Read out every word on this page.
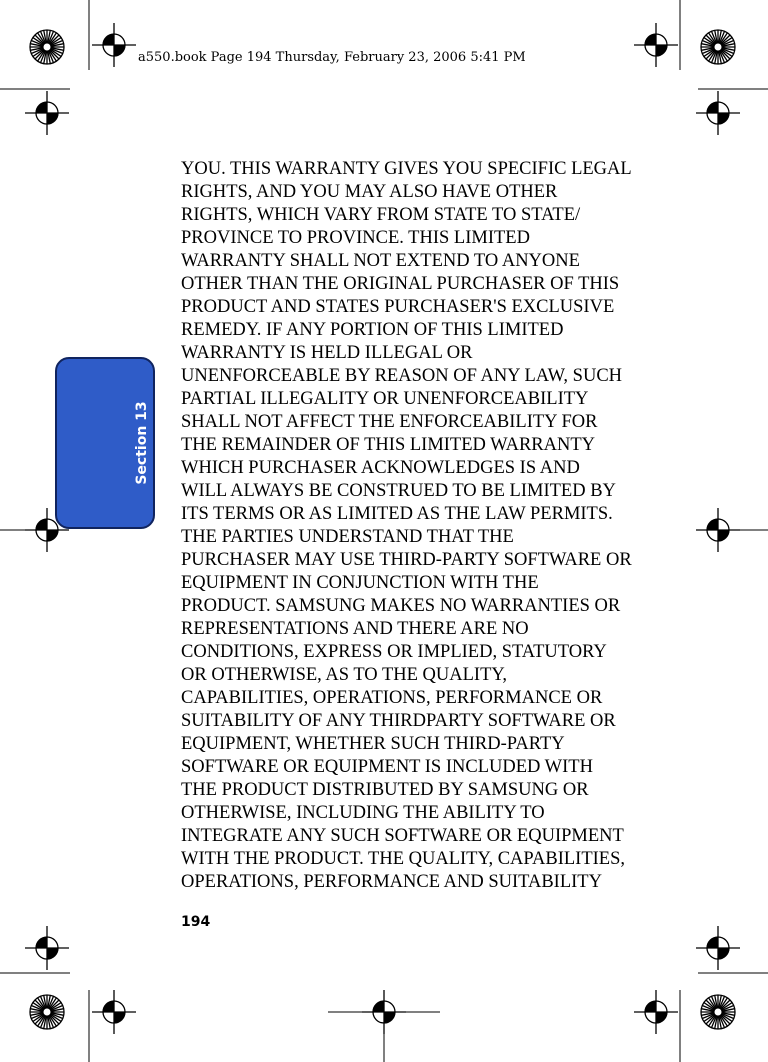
a550.book Page 194 Thursday, February 23, 2006 5:41 PM
Section 13
YOU. THIS WARRANTY GIVES YOU SPECIFIC LEGAL
RIGHTS, AND YOU MAY ALSO HAVE OTHER
RIGHTS, WHICH VARY FROM STATE TO STATE/
PROVINCE TO PROVINCE. THIS LIMITED
WARRANTY SHALL NOT EXTEND TO ANYONE
OTHER THAN THE ORIGINAL PURCHASER OF THIS
PRODUCT AND STATES PURCHASER'S EXCLUSIVE
REMEDY. IF ANY PORTION OF THIS LIMITED
WARRANTY IS HELD ILLEGAL OR
UNENFORCEABLE BY REASON OF ANY LAW, SUCH
PARTIAL ILLEGALITY OR UNENFORCEABILITY
SHALL NOT AFFECT THE ENFORCEABILITY FOR
THE REMAINDER OF THIS LIMITED WARRANTY
WHICH PURCHASER ACKNOWLEDGES IS AND
WILL ALWAYS BE CONSTRUED TO BE LIMITED BY
ITS TERMS OR AS LIMITED AS THE LAW PERMITS.
THE PARTIES UNDERSTAND THAT THE
PURCHASER MAY USE THIRD-PARTY SOFTWARE OR
EQUIPMENT IN CONJUNCTION WITH THE
PRODUCT. SAMSUNG MAKES NO WARRANTIES OR
REPRESENTATIONS AND THERE ARE NO
CONDITIONS, EXPRESS OR IMPLIED, STATUTORY
OR OTHERWISE, AS TO THE QUALITY,
CAPABILITIES, OPERATIONS, PERFORMANCE OR
SUITABILITY OF ANY THIRDPARTY SOFTWARE OR
EQUIPMENT, WHETHER SUCH THIRD-PARTY
SOFTWARE OR EQUIPMENT IS INCLUDED WITH
THE PRODUCT DISTRIBUTED BY SAMSUNG OR
OTHERWISE, INCLUDING THE ABILITY TO
INTEGRATE ANY SUCH SOFTWARE OR EQUIPMENT
WITH THE PRODUCT. THE QUALITY, CAPABILITIES,
OPERATIONS, PERFORMANCE AND SUITABILITY
194
